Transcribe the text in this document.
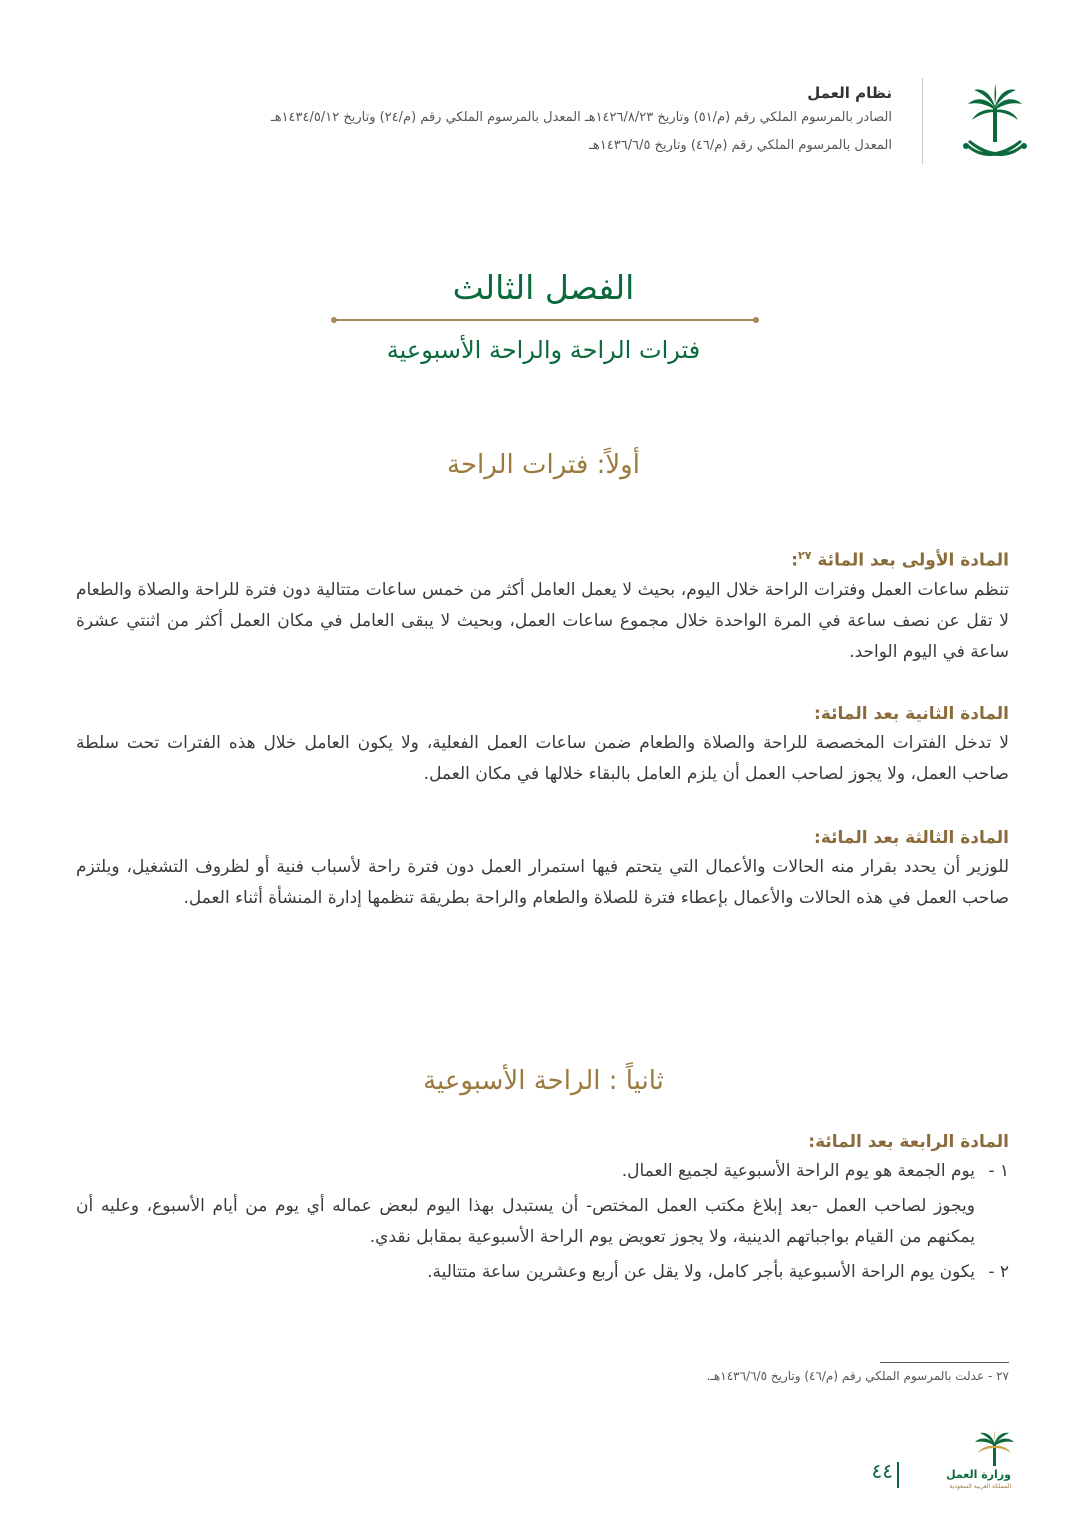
نظام العمل
الصادر بالمرسوم الملكي رقم (م/٥١) وتاريخ ١٤٢٦/٨/٢٣هـ المعدل بالمرسوم الملكي رقم (م/٢٤) وتاريخ ١٤٣٤/٥/١٢هـ
المعدل بالمرسوم الملكي رقم (م/٤٦) وتاريخ ١٤٣٦/٦/٥هـ
الفصل الثالث
فترات الراحة والراحة الأسبوعية
أولاً: فترات الراحة
المادة الأولى بعد المائة $^{٢٧}$:
تنظم ساعات العمل وفترات الراحة خلال اليوم، بحيث لا يعمل العامل أكثر من خمس ساعات متتالية دون فترة للراحة والصلاة والطعام لا تقل عن نصف ساعة في المرة الواحدة خلال مجموع ساعات العمل، وبحيث لا يبقى العامل في مكان العمل أكثر من اثنتي عشرة ساعة في اليوم الواحد.
المادة الثانية بعد المائة:
لا تدخل الفترات المخصصة للراحة والصلاة والطعام ضمن ساعات العمل الفعلية، ولا يكون العامل خلال هذه الفترات تحت سلطة صاحب العمل، ولا يجوز لصاحب العمل أن يلزم العامل بالبقاء خلالها في مكان العمل.
المادة الثالثة بعد المائة:
للوزير أن يحدد بقرار منه الحالات والأعمال التي يتحتم فيها استمرار العمل دون فترة راحة لأسباب فنية أو لظروف التشغيل، ويلتزم صاحب العمل في هذه الحالات والأعمال بإعطاء فترة للصلاة والطعام والراحة بطريقة تنظمها إدارة المنشأة أثناء العمل.
ثانياً : الراحة الأسبوعية
المادة الرابعة بعد المائة:
١ -
يوم الجمعة هو يوم الراحة الأسبوعية لجميع العمال.
ويجوز لصاحب العمل -بعد إبلاغ مكتب العمل المختص- أن يستبدل بهذا اليوم لبعض عماله أي يوم من أيام الأسبوع، وعليه أن يمكنهم من القيام بواجباتهم الدينية، ولا يجوز تعويض يوم الراحة الأسبوعية بمقابل نقدي.
٢ -
يكون يوم الراحة الأسبوعية بأجر كامل، ولا يقل عن أربع وعشرين ساعة متتالية.
٢٧ - عدلت بالمرسوم الملكي رقم (م/٤٦) وتاريخ ١٤٣٦/٦/٥هـ.
وزارة العمل
المملكة العربية السعودية
٤٤
